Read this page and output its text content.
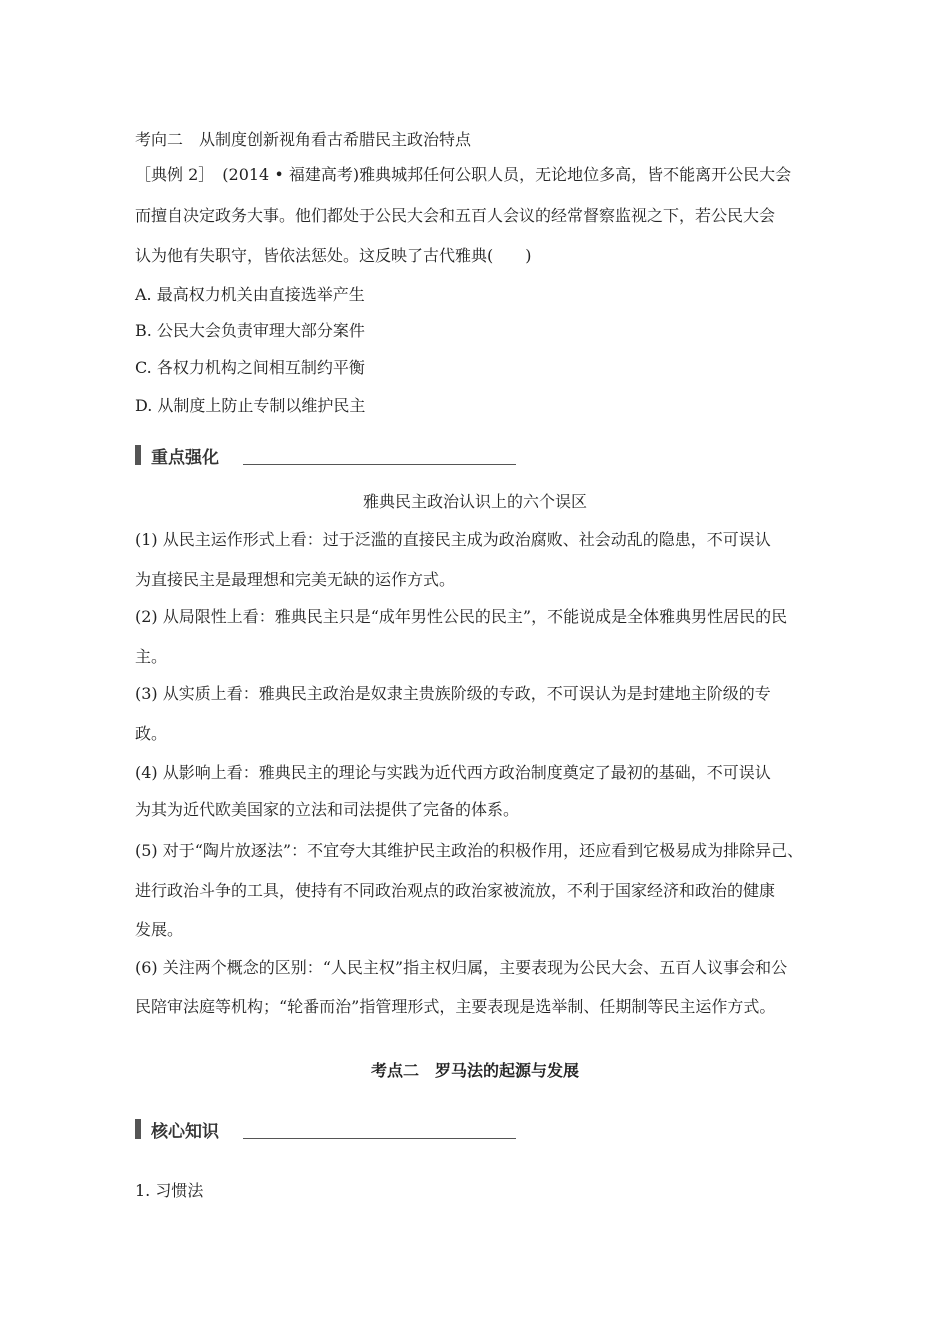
考向二　从制度创新视角看古希腊民主政治特点
［典例 2］　(2014 • 福建高考)雅典城邦任何公职人员，无论地位多高，皆不能离开公民大会
而擅自决定政务大事。他们都处于公民大会和五百人会议的经常督察监视之下，若公民大会
认为他有失职守，皆依法惩处。这反映了古代雅典(　　)
A. 最高权力机关由直接选举产生
B. 公民大会负责审理大部分案件
C. 各权力机构之间相互制约平衡
D. 从制度上防止专制以维护民主
重点强化
雅典民主政治认识上的六个误区
(1) 从民主运作形式上看：过于泛滥的直接民主成为政治腐败、社会动乱的隐患，不可误认
为直接民主是最理想和完美无缺的运作方式。
(2) 从局限性上看：雅典民主只是“成年男性公民的民主”，不能说成是全体雅典男性居民的民
主。
(3) 从实质上看：雅典民主政治是奴隶主贵族阶级的专政，不可误认为是封建地主阶级的专
政。
(4) 从影响上看：雅典民主的理论与实践为近代西方政治制度奠定了最初的基础，不可误认
为其为近代欧美国家的立法和司法提供了完备的体系。
(5) 对于“陶片放逐法”：不宜夸大其维护民主政治的积极作用，还应看到它极易成为排除异己、
进行政治斗争的工具，使持有不同政治观点的政治家被流放，不利于国家经济和政治的健康
发展。
(6) 关注两个概念的区别：“人民主权”指主权归属，主要表现为公民大会、五百人议事会和公
民陪审法庭等机构；“轮番而治”指管理形式，主要表现是选举制、任期制等民主运作方式。
考点二　罗马法的起源与发展
核心知识
1. 习惯法
